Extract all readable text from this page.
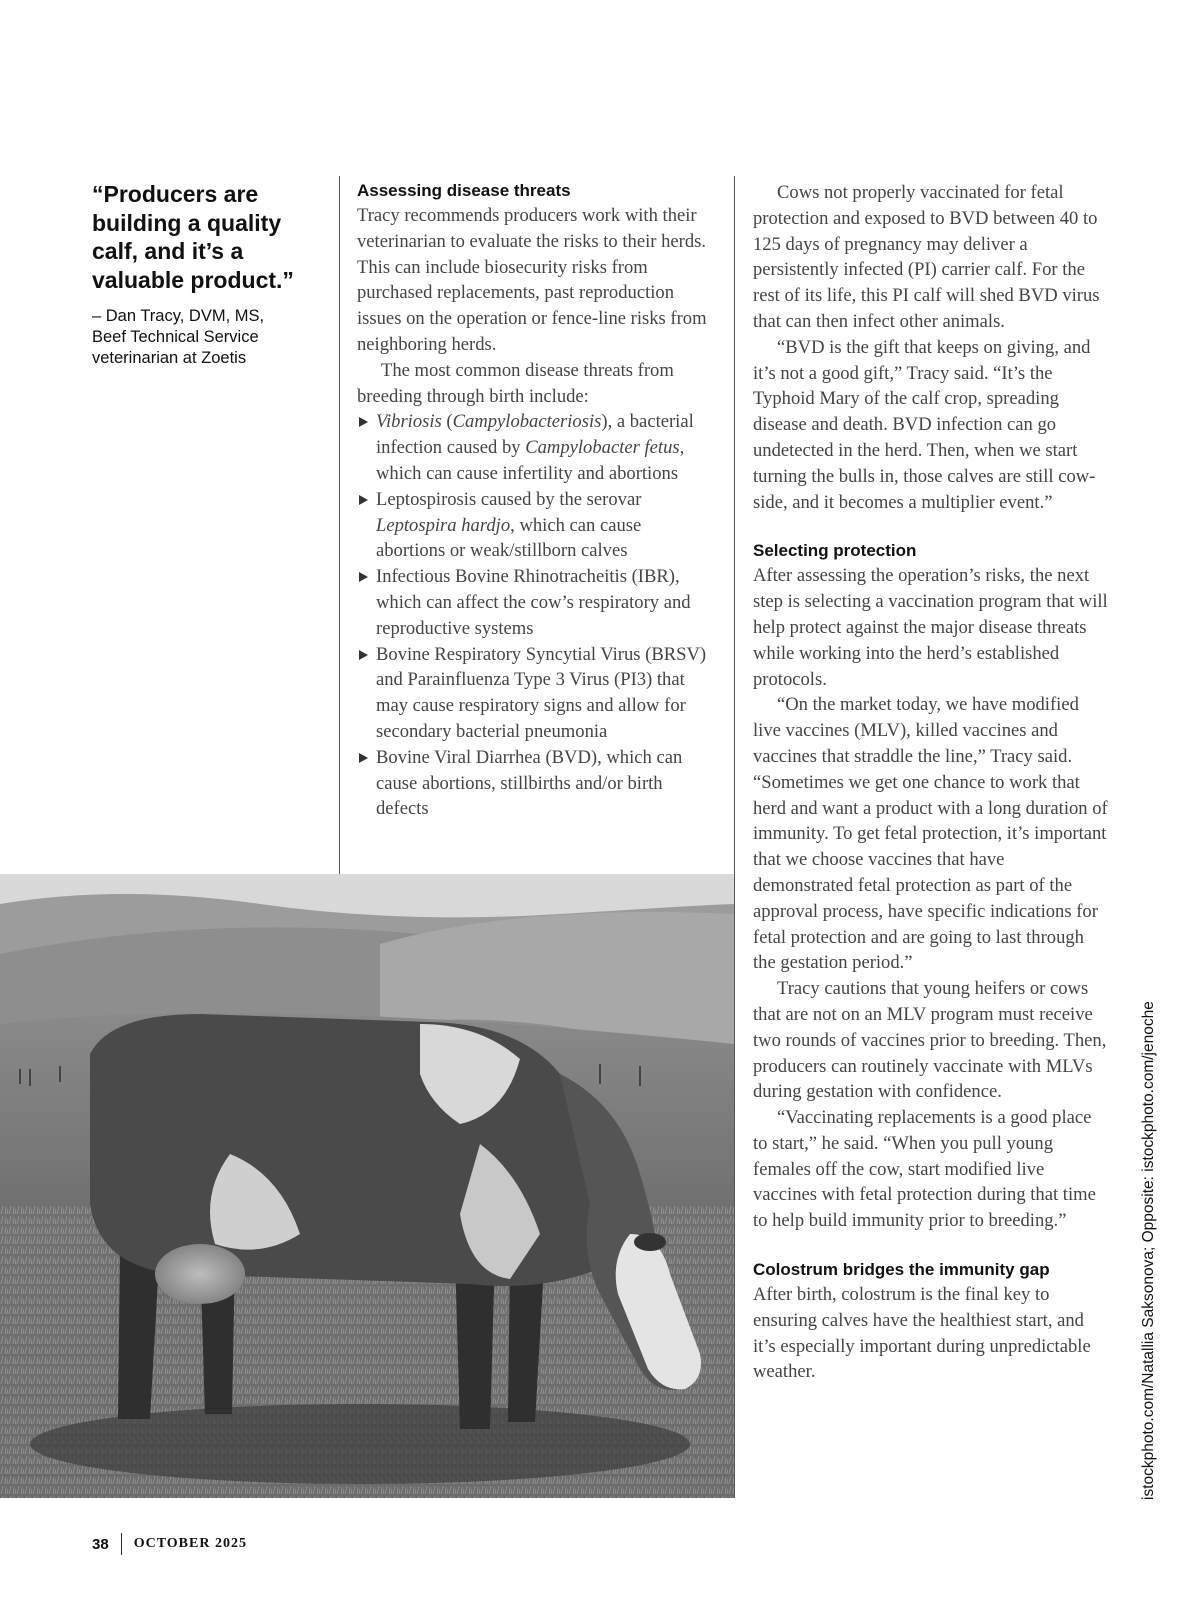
“Producers are
building a quality
calf, and it’s a
valuable product.”

– Dan Tracy, DVM, MS,
Beef Technical Service
veterinarian at Zoetis
Assessing disease threats

Tracy recommends producers work with their veterinarian to evaluate the risks to their herds. This can include biosecurity risks from purchased replacements, past reproduction issues on the operation or fence-line risks from neighboring herds.

The most common disease threats from breeding through birth include:

Vibriosis (Campylobacteriosis), a bacterial infection caused by Campylobacter fetus, which can cause infertility and abortions
Leptospirosis caused by the serovar Leptospira hardjo, which can cause abortions or weak/stillborn calves
Infectious Bovine Rhinotracheitis (IBR), which can affect the cow’s respiratory and reproductive systems
Bovine Respiratory Syncytial Virus (BRSV) and Parainfluenza Type 3 Virus (PI3) that may cause respiratory signs and allow for secondary bacterial pneumonia
Bovine Viral Diarrhea (BVD), which can cause abortions, stillbirths and/or birth defects

Cows not properly vaccinated for fetal protection and exposed to BVD between 40 to 125 days of pregnancy may deliver a persistently infected (PI) carrier calf. For the rest of its life, this PI calf will shed BVD virus that can then infect other animals.

“BVD is the gift that keeps on giving, and it’s not a good gift,” Tracy said. “It’s the Typhoid Mary of the calf crop, spreading disease and death. BVD infection can go undetected in the herd. Then, when we start turning the bulls in, those calves are still cow-side, and it becomes a multiplier event.”

Selecting protection

After assessing the operation’s risks, the next step is selecting a vaccination program that will help protect against the major disease threats while working into the herd’s established protocols.

“On the market today, we have modified live vaccines (MLV), killed vaccines and vaccines that straddle the line,” Tracy said. “Sometimes we get one chance to work that herd and want a product with a long duration of immunity. To get fetal protection, it’s important that we choose vaccines that have demonstrated fetal protection as part of the approval process, have specific indications for fetal protection and are going to last through the gestation period.”

Tracy cautions that young heifers or cows that are not on an MLV program must receive two rounds of vaccines prior to breeding. Then, producers can routinely vaccinate with MLVs during gestation with confidence.

“Vaccinating replacements is a good place to start,” he said. “When you pull young females off the cow, start modified live vaccines with fetal protection during that time to help build immunity prior to breeding.”

Colostrum bridges the immunity gap

After birth, colostrum is the final key to ensuring calves have the healthiest start, and it’s especially important during unpredictable weather.	istockphoto.com/Natallia Saksonova; Opposite: istockphoto.com/jenoche
38 OCTOBER 2025
